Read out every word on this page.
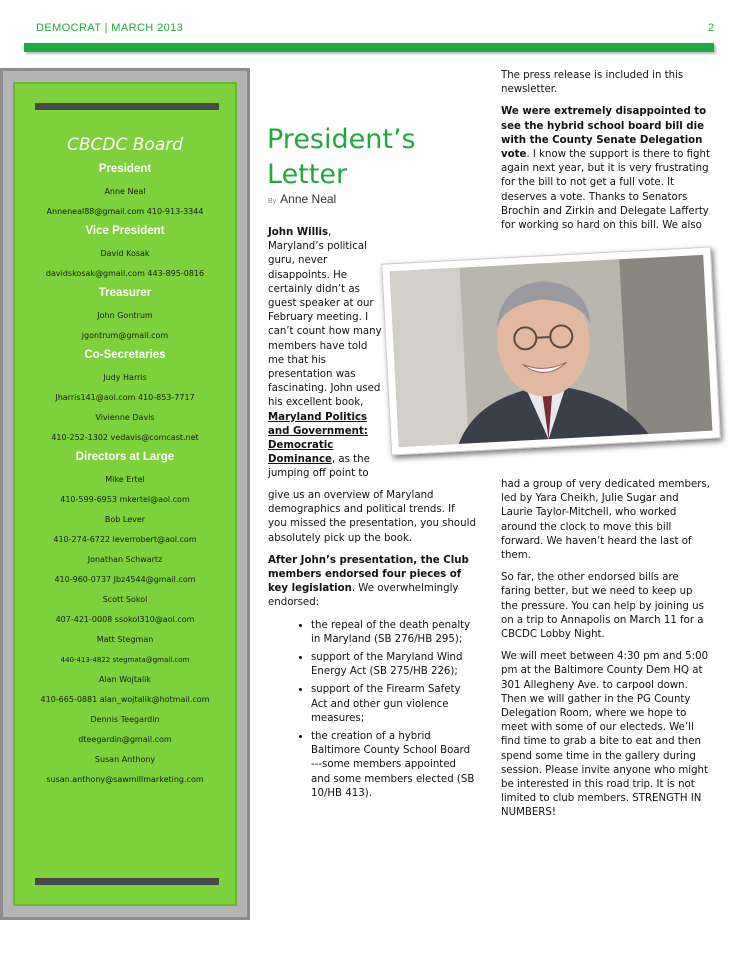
DEMOCRAT | MARCH 2013	2
CBCDC Board
President
Anne Neal
Anneneal88@gmail.com 410-913-3344
Vice President
David Kosak
davidskosak@gmail.com 443-895-0816
Treasurer
John Gontrum
jgontrum@gmail.com
Co-Secretaries
Judy Harris
Jharris141@aol.com 410-853-7717
Vivienne Davis
410-252-1302 vedavis@comcast.net
Directors at Large
Mike Ertel
410-599-6953 mkertel@aol.com
Bob Lever
410-274-6722 leverrobert@aol.com
Jonathan Schwartz
410-960-0737 Jbz4544@gmail.com
Scott Sokol
407-421-0008 ssokol310@aol.com
Matt Stegman
440-413-4822 stegmata@gmail.com
Alan Wojtalik
410-665-0881 alan_wojtalik@hotmail.com
Dennis Teegardin
dteegardin@gmail.com
Susan Anthony
susan.anthony@sawmillmarketing.com
President’s Letter
By Anne Neal

John Willis, Maryland’s political guru, never disappoints. He certainly didn’t as guest speaker at our February meeting. I can’t count how many members have told me that his presentation was fascinating. John used his excellent book, Maryland Politics and Government: Democratic Dominance, as the jumping off point to

give us an overview of Maryland demographics and political trends. If you missed the presentation, you should absolutely pick up the book.

After John’s presentation, the Club members endorsed four pieces of key legislation. We overwhelmingly endorsed:

• the repeal of the death penalty in Maryland (SB 276/HB 295);
• support of the Maryland Wind Energy Act (SB 275/HB 226);
• support of the Firearm Safety Act and other gun violence measures;
• the creation of a hybrid Baltimore County School Board ---some members appointed and some members elected (SB 10/HB 413).

The press release is included in this newsletter.

We were extremely disappointed to see the hybrid school board bill die with the County Senate Delegation vote. I know the support is there to fight again next year, but it is very frustrating for the bill to not get a full vote. It deserves a vote. Thanks to Senators Brochin and Zirkin and Delegate Lafferty for working so hard on this bill. We also

had a group of very dedicated members, led by Yara Cheikh, Julie Sugar and Laurie Taylor-Mitchell, who worked around the clock to move this bill forward. We haven’t heard the last of them.

So far, the other endorsed bills are faring better, but we need to keep up the pressure. You can help by joining us on a trip to Annapolis on March 11 for a CBCDC Lobby Night.

We will meet between 4:30 pm and 5:00 pm at the Baltimore County Dem HQ at 301 Allegheny Ave. to carpool down. Then we will gather in the PG County Delegation Room, where we hope to meet with some of our electeds. We’ll find time to grab a bite to eat and then spend some time in the gallery during session. Please invite anyone who might be interested in this road trip. It is not limited to club members. STRENGTH IN NUMBERS!
